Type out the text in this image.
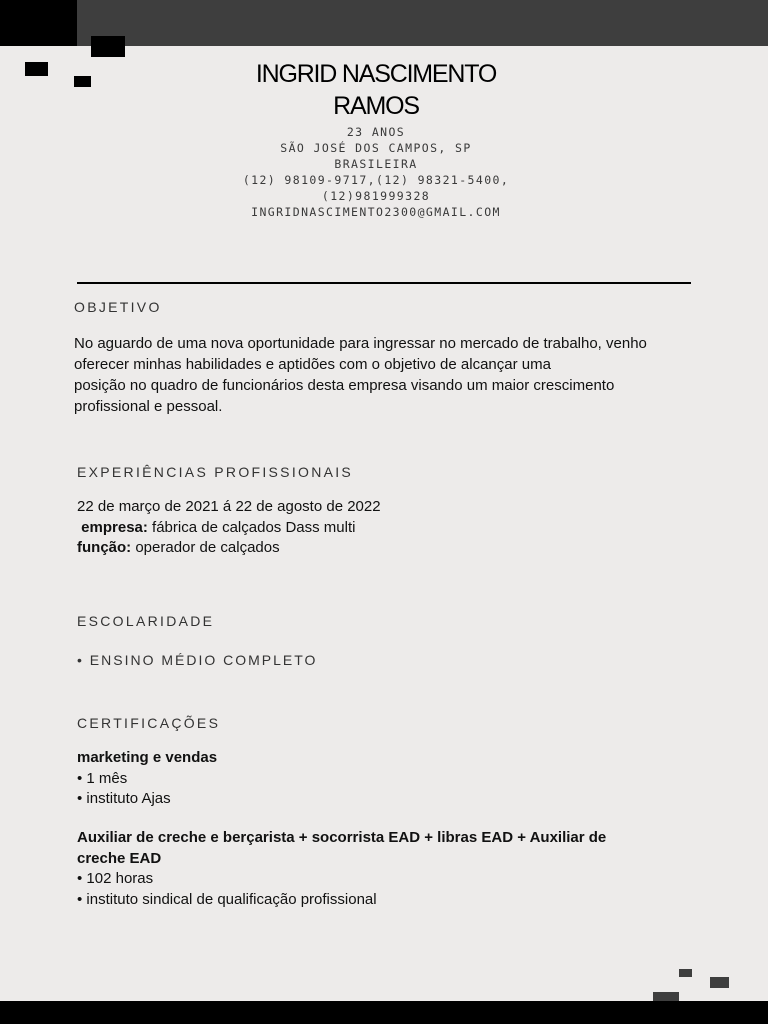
INGRID NASCIMENTO
RAMOS
23 ANOS
SÃO JOSÉ DOS CAMPOS, SP
BRASILEIRA
(12) 98109-9717,(12) 98321-5400,
(12)981999328
INGRIDNASCIMENTO2300@GMAIL.COM
OBJETIVO
No aguardo de uma nova oportunidade para ingressar no mercado de trabalho, venho
oferecer minhas habilidades e aptidões com o objetivo de alcançar uma
posição no quadro de funcionários desta empresa visando um maior crescimento
profissional e pessoal.
EXPERIÊNCIAS PROFISSIONAIS
22 de março de 2021 á 22 de agosto de 2022
empresa: fábrica de calçados Dass multi
função: operador de calçados
ESCOLARIDADE
• ENSINO MÉDIO COMPLETO
CERTIFICAÇÕES
marketing e vendas
• 1 mês
• instituto Ajas
Auxiliar de creche e berçarista + socorrista EAD + libras EAD + Auxiliar de
creche EAD
• 102 horas
• instituto sindical de qualificação profissional
